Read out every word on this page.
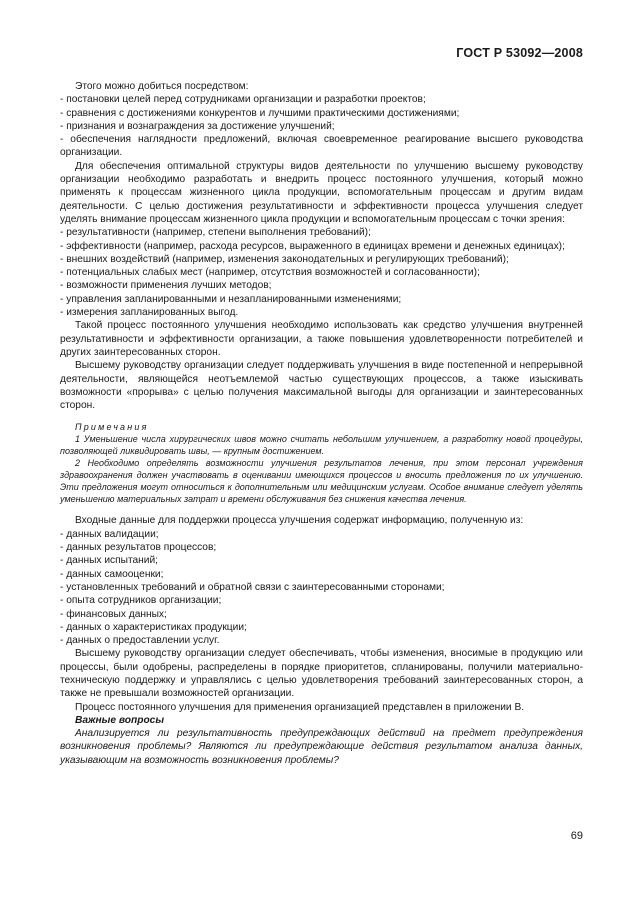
ГОСТ Р 53092—2008

Этого можно добиться посредством:

- постановки целей перед сотрудниками организации и разработки проектов;

- сравнения с достижениями конкурентов и лучшими практическими достижениями;

- признания и вознаграждения за достижение улучшений;

- обеспечения наглядности предложений, включая своевременное реагирование высшего руководства организации.

Для обеспечения оптимальной структуры видов деятельности по улучшению высшему руководству организации необходимо разработать и внедрить процесс постоянного улучшения, который можно применять к процессам жизненного цикла продукции, вспомогательным процессам и другим видам деятельности. С целью достижения результативности и эффективности процесса улучшения следует уделять внимание процессам жизненного цикла продукции и вспомогательным процессам с точки зрения:

- результативности (например, степени выполнения требований);

- эффективности (например, расхода ресурсов, выраженного в единицах времени и денежных единицах);

- внешних воздействий (например, изменения законодательных и регулирующих требований);

- потенциальных слабых мест (например, отсутствия возможностей и согласованности);

- возможности применения лучших методов;

- управления запланированными и незапланированными изменениями;

- измерения запланированных выгод.

Такой процесс постоянного улучшения необходимо использовать как средство улучшения внутренней результативности и эффективности организации, а также повышения удовлетворенности потребителей и других заинтересованных сторон.

Высшему руководству организации следует поддерживать улучшения в виде постепенной и непрерывной деятельности, являющейся неотъемлемой частью существующих процессов, а также изыскивать возможности «прорыва» с целью получения максимальной выгоды для организации и заинтересованных сторон.

Примечания

1 Уменьшение числа хирургических швов можно считать небольшим улучшением, а разработку новой процедуры, позволяющей ликвидировать швы, — крупным достижением.

2 Необходимо определять возможности улучшения результатов лечения, при этом персонал учреждения здравоохранения должен участвовать в оценивании имеющихся процессов и вносить предложения по их улучшению. Эти предложения могут относиться к дополнительным или медицинским услугам. Особое внимание следует уделять уменьшению материальных затрат и времени обслуживания без снижения качества лечения.

Входные данные для поддержки процесса улучшения содержат информацию, полученную из:

- данных валидации;

- данных результатов процессов;

- данных испытаний;

- данных самооценки;

- установленных требований и обратной связи с заинтересованными сторонами;

- опыта сотрудников организации;

- финансовых данных;

- данных о характеристиках продукции;

- данных о предоставлении услуг.

Высшему руководству организации следует обеспечивать, чтобы изменения, вносимые в продукцию или процессы, были одобрены, распределены в порядке приоритетов, спланированы, получили материально-техническую поддержку и управлялись с целью удовлетворения требований заинтересованных сторон, а также не превышали возможностей организации.

Процесс постоянного улучшения для применения организацией представлен в приложении В.

Важные вопросы

Анализируется ли результативность предупреждающих действий на предмет предупреждения возникновения проблемы? Являются ли предупреждающие действия результатом анализа данных, указывающим на возможность возникновения проблемы?

69
